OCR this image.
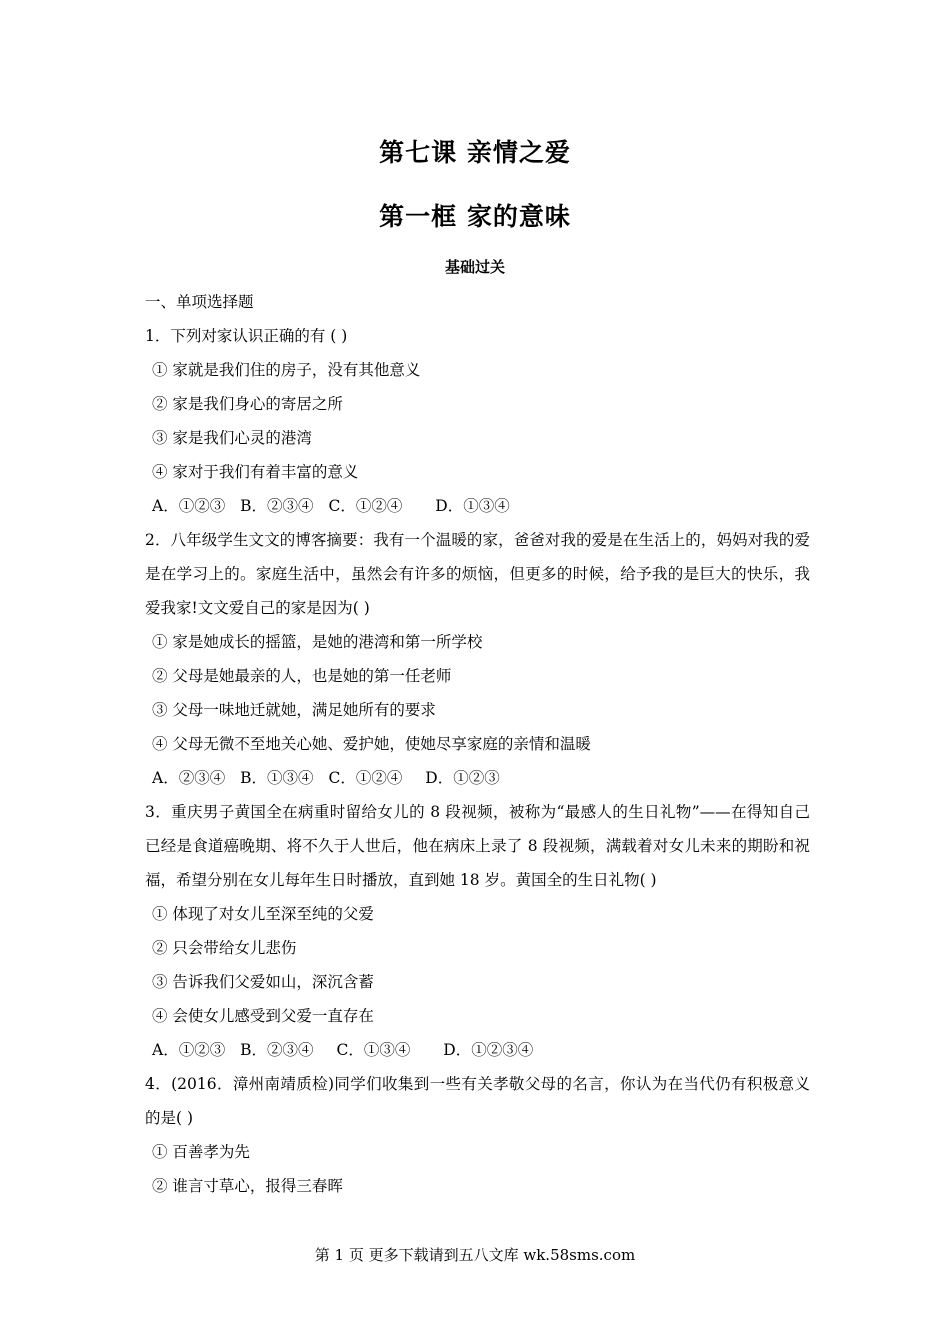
第七课 亲情之爱
第一框 家的意味
基础过关
一、单项选择题
1．下列对家认识正确的有 ( )
① 家就是我们住的房子，没有其他意义
② 家是我们身心的寄居之所
③ 家是我们心灵的港湾
④ 家对于我们有着丰富的意义
A．①②③ B．②③④ C．①②④ D．①③④
2．八年级学生文文的博客摘要：我有一个温暖的家，爸爸对我的爱是在生活上的，妈妈对我的爱是在学习上的。家庭生活中，虽然会有许多的烦恼，但更多的时候，给予我的是巨大的快乐，我爱我家!文文爱自己的家是因为( )
① 家是她成长的摇篮，是她的港湾和第一所学校
② 父母是她最亲的人，也是她的第一任老师
③ 父母一味地迁就她，满足她所有的要求
④ 父母无微不至地关心她、爱护她，使她尽享家庭的亲情和温暖
A．②③④ B．①③④ C．①②④ D．①②③
3．重庆男子黄国全在病重时留给女儿的 8 段视频，被称为“最感人的生日礼物”——在得知自己已经是食道癌晚期、将不久于人世后，他在病床上录了 8 段视频，满载着对女儿未来的期盼和祝福，希望分别在女儿每年生日时播放，直到她 18 岁。黄国全的生日礼物( )
① 体现了对女儿至深至纯的父爱
② 只会带给女儿悲伤
③ 告诉我们父爱如山，深沉含蓄
④ 会使女儿感受到父爱一直存在
A．①②③ B．②③④ C．①③④ D．①②③④
4．(2016．漳州南靖质检)同学们收集到一些有关孝敬父母的名言，你认为在当代仍有积极意义的是( )
① 百善孝为先
② 谁言寸草心，报得三春晖
第 1 页 更多下载请到五八文库 wk.58sms.com
